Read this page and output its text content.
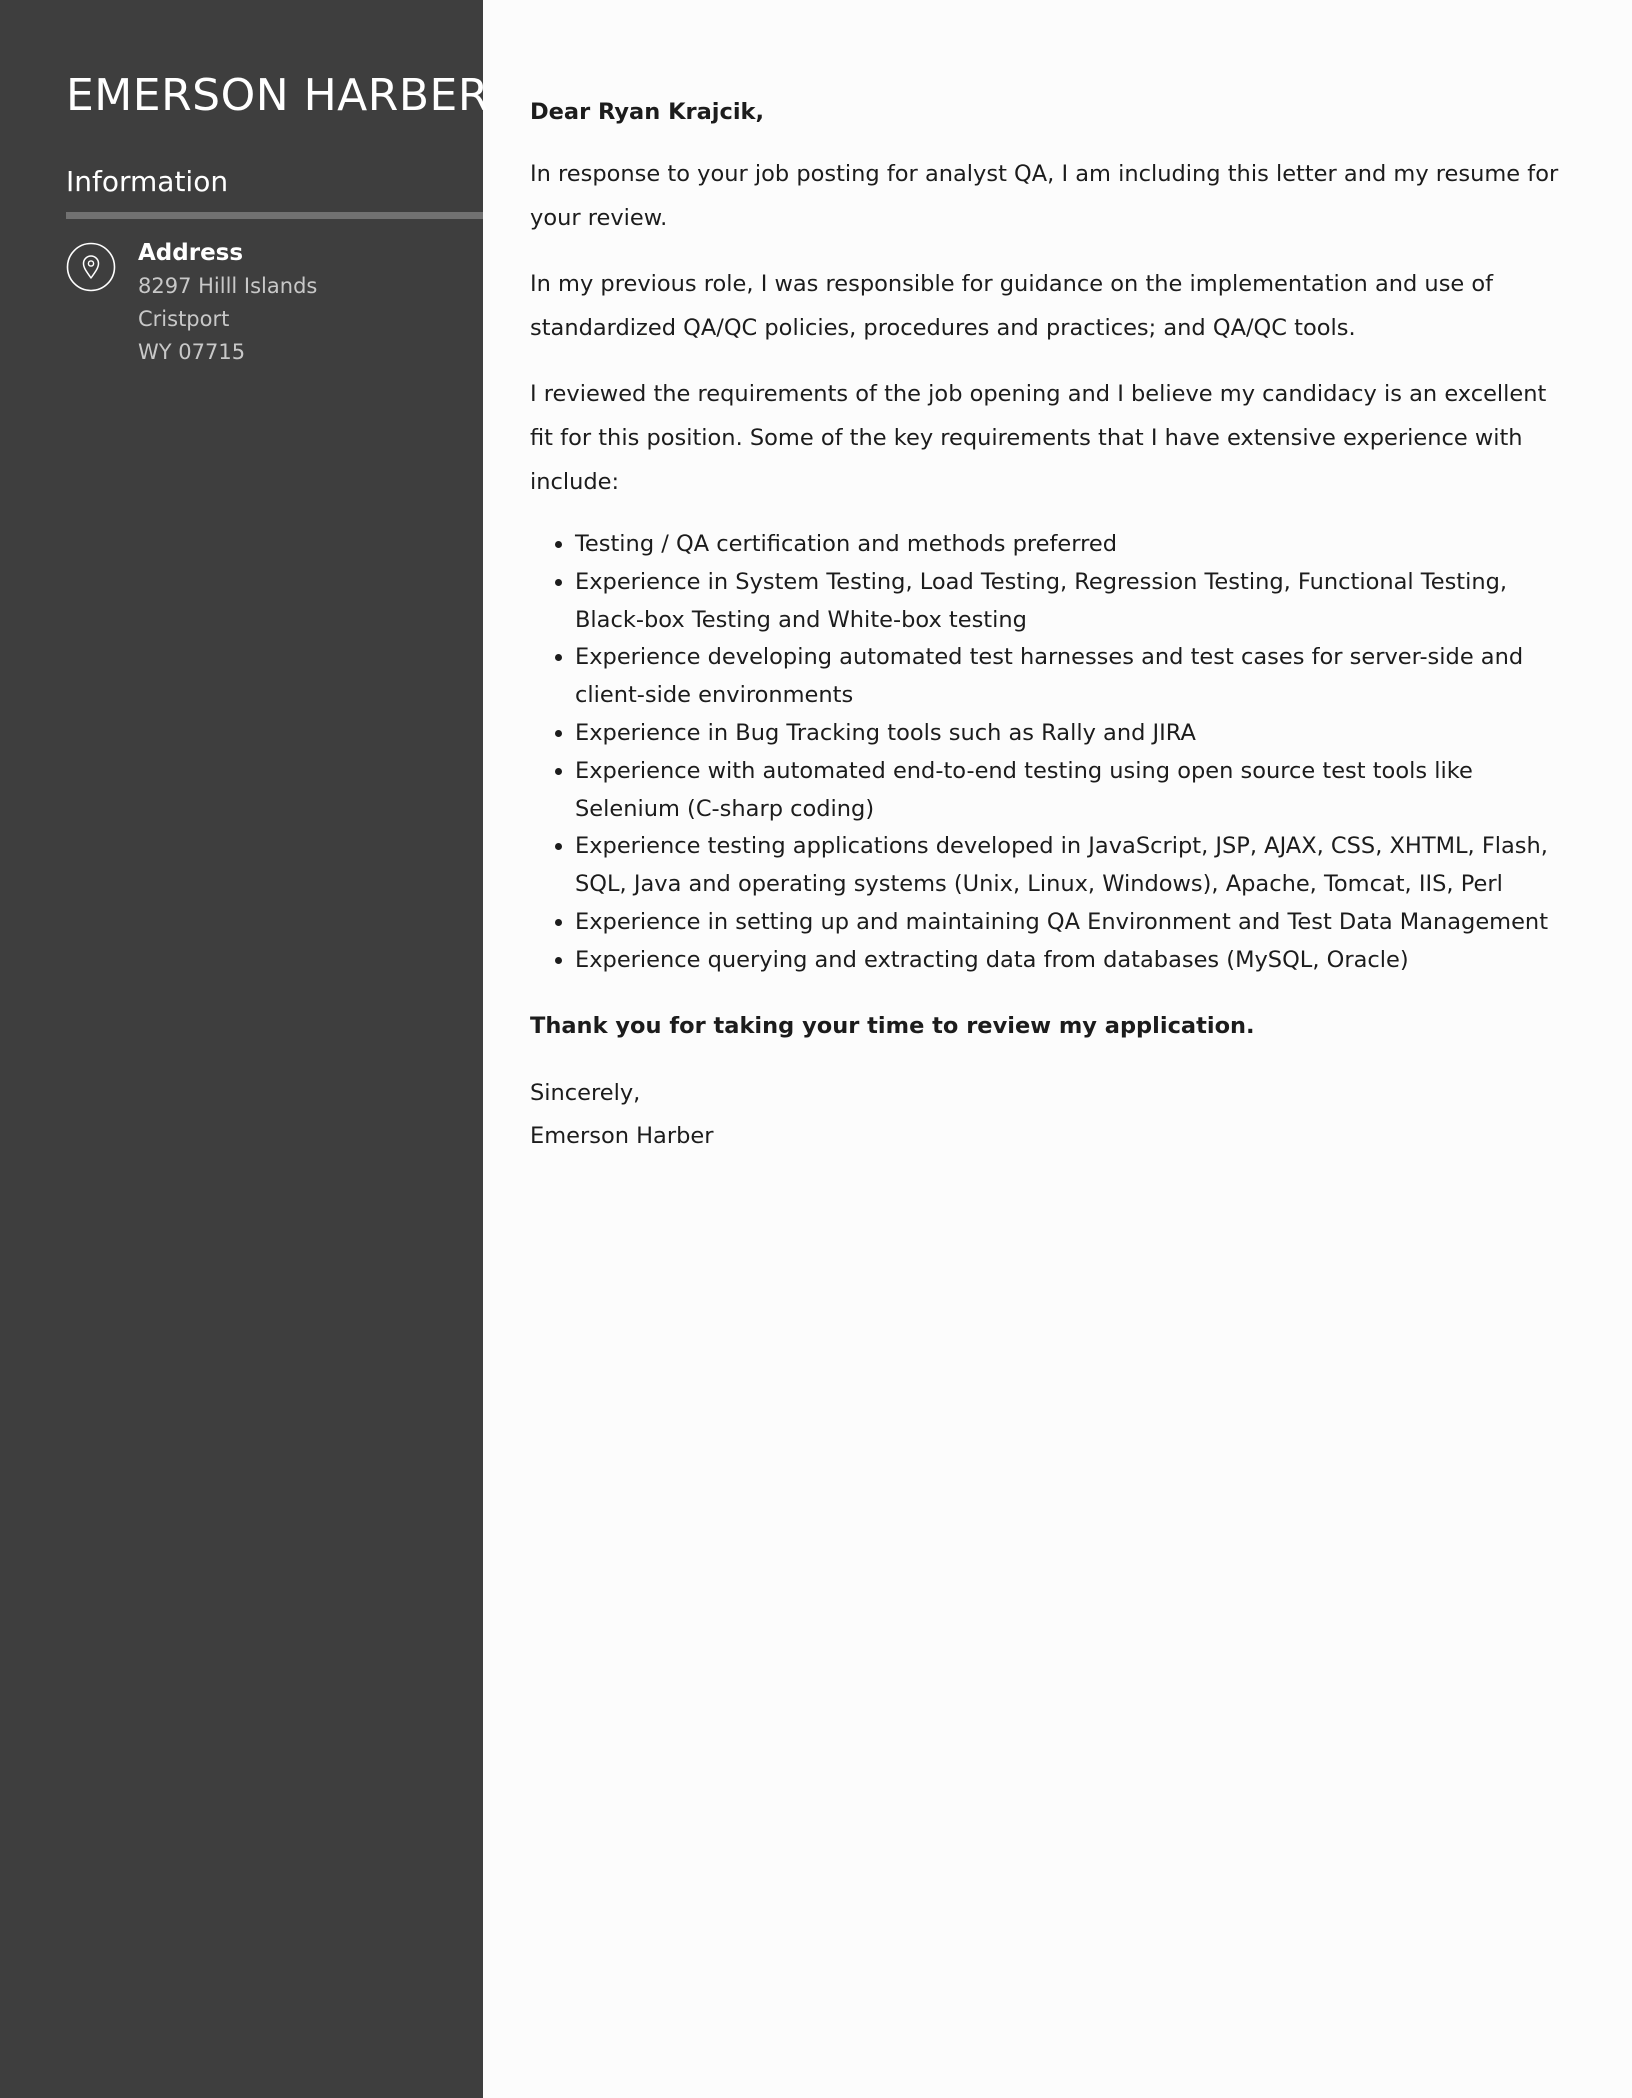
EMERSON HARBER
Information
Address
8297 Hilll Islands
Cristport
WY 07715

Dear Ryan Krajcik,

In response to your job posting for analyst QA, I am including this letter and my resume for your review.

In my previous role, I was responsible for guidance on the implementation and use of standardized QA/QC policies, procedures and practices; and QA/QC tools.

I reviewed the requirements of the job opening and I believe my candidacy is an excellent fit for this position. Some of the key requirements that I have extensive experience with include:

• Testing / QA certification and methods preferred
• Experience in System Testing, Load Testing, Regression Testing, Functional Testing, Black-box Testing and White-box testing
• Experience developing automated test harnesses and test cases for server-side and client-side environments
• Experience in Bug Tracking tools such as Rally and JIRA
• Experience with automated end-to-end testing using open source test tools like Selenium (C-sharp coding)
• Experience testing applications developed in JavaScript, JSP, AJAX, CSS, XHTML, Flash, SQL, Java and operating systems (Unix, Linux, Windows), Apache, Tomcat, IIS, Perl
• Experience in setting up and maintaining QA Environment and Test Data Management
• Experience querying and extracting data from databases (MySQL, Oracle)

Thank you for taking your time to review my application.

Sincerely,

Emerson Harber
